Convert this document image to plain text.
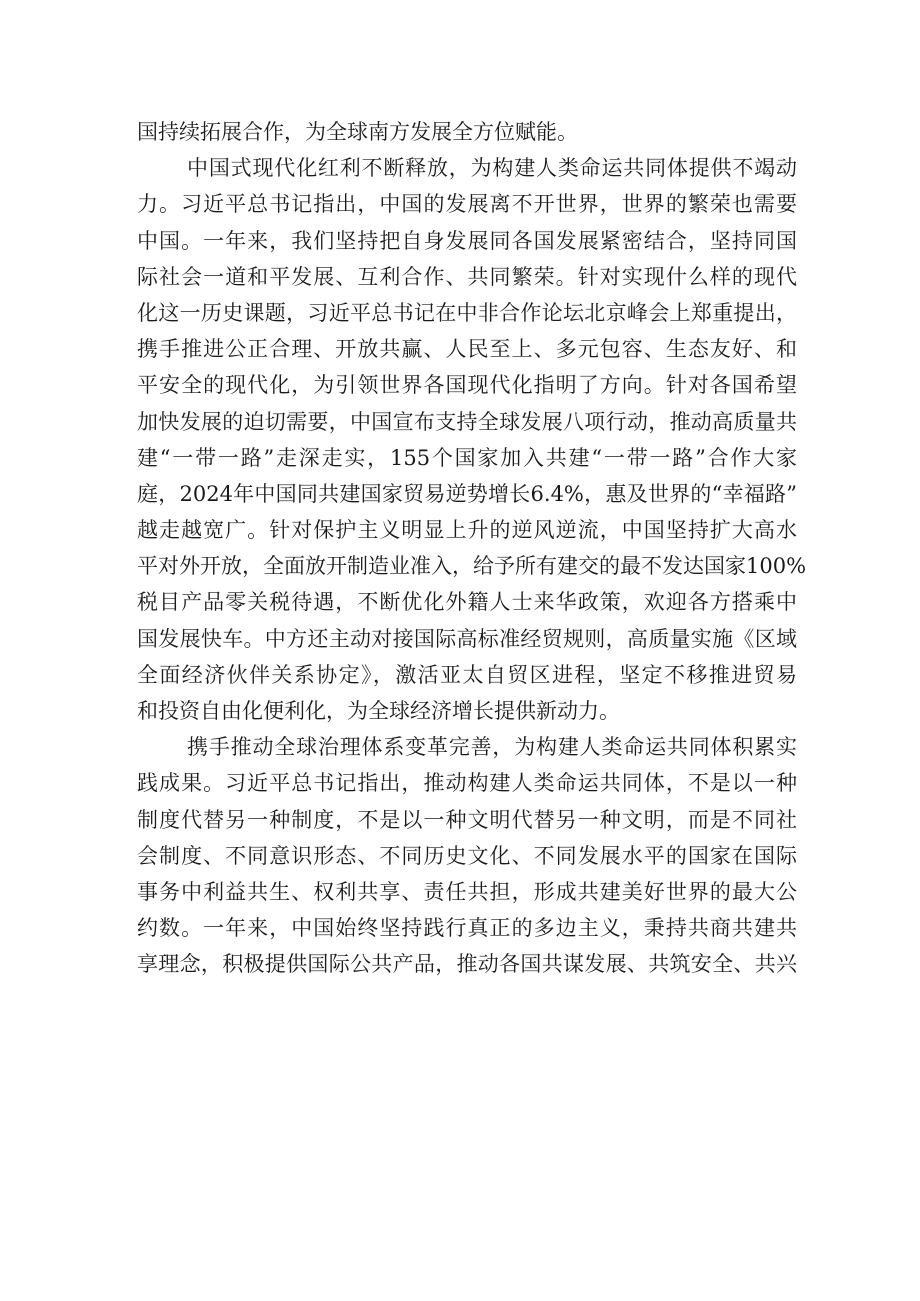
国持续拓展合作，为全球南方发展全方位赋能。
中国式现代化红利不断释放，为构建人类命运共同体提供不竭动
力。习近平总书记指出，中国的发展离不开世界，世界的繁荣也需要
中国。一年来，我们坚持把自身发展同各国发展紧密结合，坚持同国
际社会一道和平发展、互利合作、共同繁荣。针对实现什么样的现代
化这一历史课题，习近平总书记在中非合作论坛北京峰会上郑重提出，
携手推进公正合理、开放共赢、人民至上、多元包容、生态友好、和
平安全的现代化，为引领世界各国现代化指明了方向。针对各国希望
加快发展的迫切需要，中国宣布支持全球发展八项行动，推动高质量共
建“一带一路”走深走实，155个国家加入共建“一带一路”合作大家
庭，2024年中国同共建国家贸易逆势增长6.4%，惠及世界的“幸福路”
越走越宽广。针对保护主义明显上升的逆风逆流，中国坚持扩大高水
平对外开放，全面放开制造业准入，给予所有建交的最不发达国家100%
税目产品零关税待遇，不断优化外籍人士来华政策，欢迎各方搭乘中
国发展快车。中方还主动对接国际高标准经贸规则，高质量实施《区域
全面经济伙伴关系协定》，激活亚太自贸区进程，坚定不移推进贸易
和投资自由化便利化，为全球经济增长提供新动力。
携手推动全球治理体系变革完善，为构建人类命运共同体积累实
践成果。习近平总书记指出，推动构建人类命运共同体，不是以一种
制度代替另一种制度，不是以一种文明代替另一种文明，而是不同社
会制度、不同意识形态、不同历史文化、不同发展水平的国家在国际
事务中利益共生、权利共享、责任共担，形成共建美好世界的最大公
约数。一年来，中国始终坚持践行真正的多边主义，秉持共商共建共
享理念，积极提供国际公共产品，推动各国共谋发展、共筑安全、共兴
